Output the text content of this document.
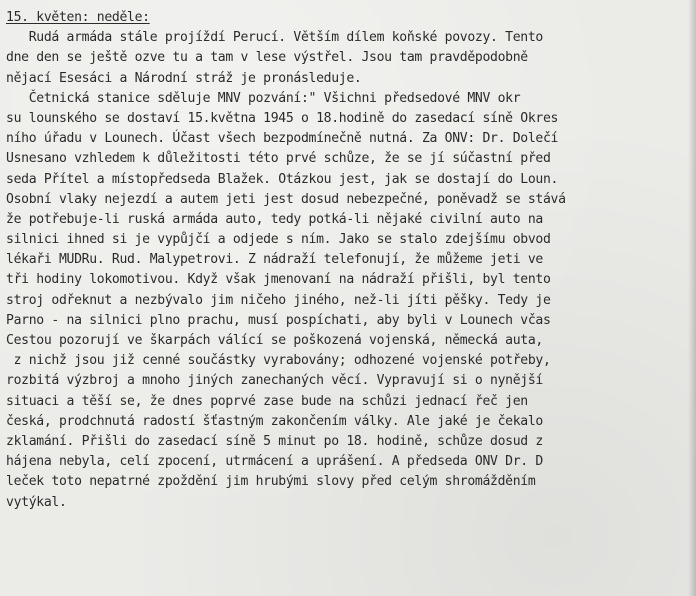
15. květen: neděle:
Rudá armáda stále projíždí Perucí. Větším dílem koňské povozy. Tento
dne den se ještě ozve tu a tam v lese výstřel. Jsou tam pravděpodobně
nějací Esesáci a Národní stráž je pronásleduje.
Četnická stanice sděluje MNV pozvání:" Všichni předsedové MNV okr
su lounského se dostaví 15.května 1945 o 18.hodině do zasedací síně Okres
ního úřadu v Lounech. Účast všech bezpodmínečně nutná. Za ONV: Dr. Dolečí
Usnesano vzhledem k důležitosti této prvé schůze, že se jí súčastní před
seda Přítel a místopředseda Blažek. Otázkou jest, jak se dostají do Loun.
Osobní vlaky nejezdí a autem jeti jest dosud nebezpečné, poněvadž se stává
že potřebuje-li ruská armáda auto, tedy potká-li nějaké civilní auto na
silnici ihned si je vypůjčí a odjede s ním. Jako se stalo zdejšímu obvod
lékaři MUDRu. Rud. Malypetrovi. Z nádraží telefonují, že můžeme jeti ve
tři hodiny lokomotivou. Když však jmenovaní na nádraží přišli, byl tento
stroj odřeknut a nezbývalo jim ničeho jiného, než-li jíti pěšky. Tedy je
Parno - na silnici plno prachu, musí pospíchati, aby byli v Lounech včas
Cestou pozorují ve škarpách válící se poškozená vojenská, německá auta,
z nichž jsou již cenné součástky vyrabovány; odhozené vojenské potřeby,
rozbitá výzbroj a mnoho jiných zanechaných věcí. Vypravují si o nynější
situaci a těší se, že dnes poprvé zase bude na schůzi jednací řeč jen
česká, prodchnutá radostí šťastným zakončením války. Ale jaké je čekalo
zklamání. Přišli do zasedací síně 5 minut po 18. hodině, schůze dosud z
hájena nebyla, celí zpocení, utrmácení a uprášení. A předseda ONV Dr. D
leček toto nepatrné zpoždění jim hrubými slovy před celým shromážděním
vytýkal.
